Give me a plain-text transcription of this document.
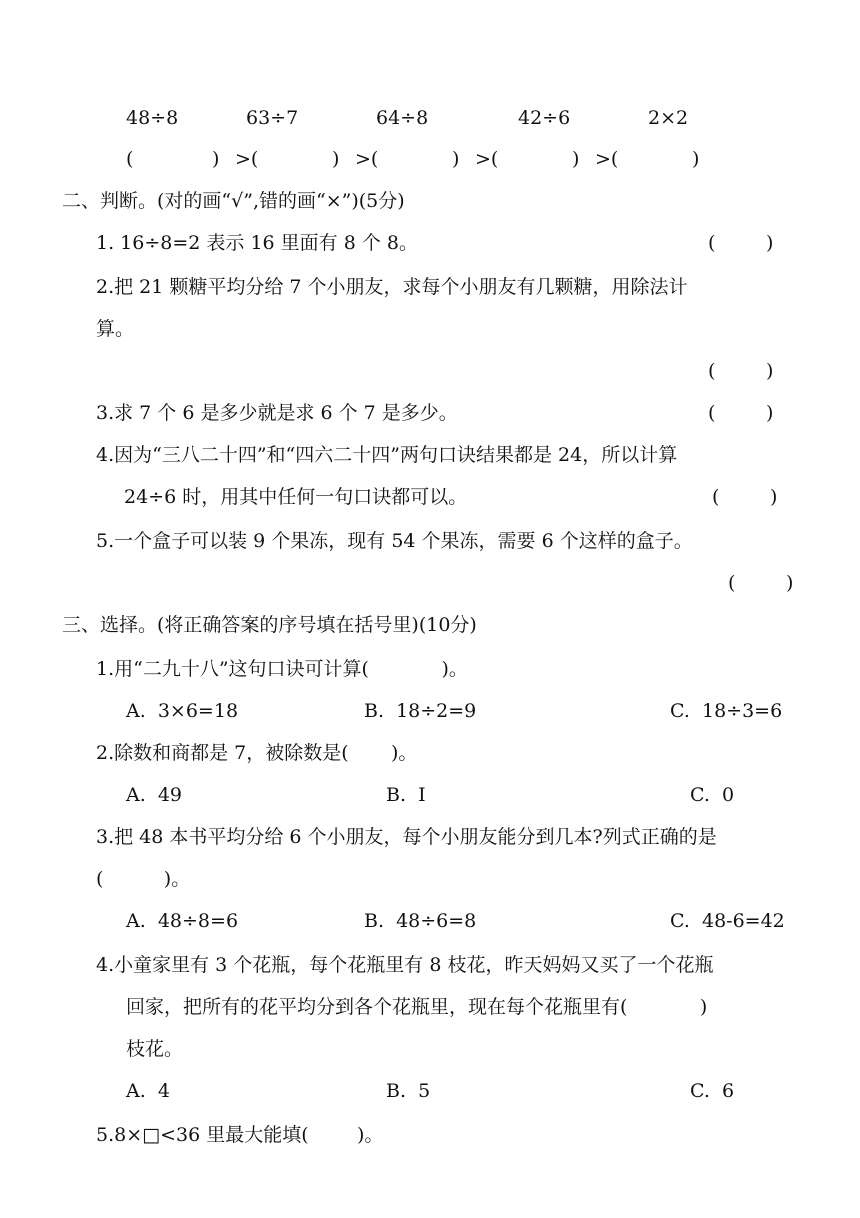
48÷8	63÷7	64÷8	42÷6	2×2
(	) >(	) >(	) >(	) >(	)
二、判断。(对的画“√”,错的画“×”)(5分)
1. 16÷8=2 表示 16 里面有 8 个 8。	(	)
2.把 21 颗糖平均分给 7 个小朋友，求每个小朋友有几颗糖，用除法计
算。
(	)
3.求 7 个 6 是多少就是求 6 个 7 是多少。	(	)
4.因为“三八二十四”和“四六二十四”两句口诀结果都是 24，所以计算
24÷6 时，用其中任何一句口诀都可以。	(	)
5.一个盒子可以装 9 个果冻，现有 54 个果冻，需要 6 个这样的盒子。
(	)
三、选择。(将正确答案的序号填在括号里)(10分)
1.用“二九十八”这句口诀可计算(            )。
A.  3×6=18	B.  18÷2=9	C.  18÷3=6
2.除数和商都是 7，被除数是(       )。
A.  49	B.  I	C.  0
3.把 48 本书平均分给 6 个小朋友，每个小朋友能分到几本?列式正确的是
(          )。
A.  48÷8=6	B.  48÷6=8	C.  48-6=42
4.小童家里有 3 个花瓶，每个花瓶里有 8 枝花，昨天妈妈又买了一个花瓶
回家，把所有的花平均分到各个花瓶里，现在每个花瓶里有(            )
枝花。
A.  4	B.  5	C.  6
5.8×□<36 里最大能填(        )。
